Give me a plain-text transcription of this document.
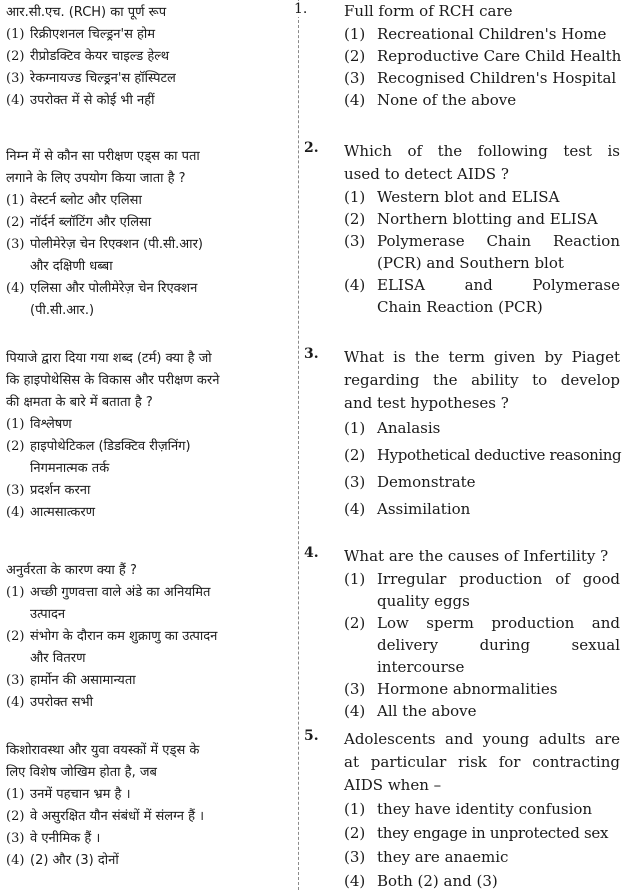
1.
आर.सी.एच. (RCH) का पूर्ण रूप
(1) रिक्रीएशनल चिल्ड्रन'स होम
(2) रीप्रोडक्टिव केयर चाइल्ड हेल्थ
(3) रेकग्नायज्ड चिल्ड्रन'स हॉस्पिटल
(4) उपरोक्त में से कोई भी नहीं
निम्न में से कौन सा परीक्षण एड्स का पता
लगाने के लिए उपयोग किया जाता है ?
(1) वेस्टर्न ब्लोट और एलिसा
(2) नॉर्दर्न ब्लॉटिंग और एलिसा
(3) पोलीमेरेज़ चेन रिएक्शन (पी.सी.आर)
और दक्षिणी धब्बा
(4) एलिसा और पोलीमेरेज़ चेन रिएक्शन
(पी.सी.आर.)
पियाजे द्वारा दिया गया शब्द (टर्म) क्या है जो
कि हाइपोथेसिस के विकास और परीक्षण करने
की क्षमता के बारे में बताता है ?
(1) विश्लेषण
(2) हाइपोथेटिकल (डिडक्टिव रीज़निंग)
निगमनात्मक तर्क
(3) प्रदर्शन करना
(4) आत्मसात्करण
अनुर्वरता के कारण क्या हैं ?
(1) अच्छी गुणवत्ता वाले अंडे का अनियमित
उत्पादन
(2) संभोग के दौरान कम शुक्राणु का उत्पादन
और वितरण
(3) हार्मोन की असामान्यता
(4) उपरोक्त सभी
किशोरावस्था और युवा वयस्कों में एड्स के
लिए विशेष जोखिम होता है, जब
(1) उनमें पहचान भ्रम है ।
(2) वे असुरक्षित यौन संबंधों में संलग्न हैं ।
(3) वे एनीमिक हैं ।
(4) (2) और (3) दोनों
Full form of RCH care
(1) Recreational Children's Home
(2) Reproductive Care Child Health
(3) Recognised Children's Hospital
(4) None of the above
2.	Which of the following test is
used to detect AIDS ?
(1) Western blot and ELISA
(2) Northern blotting and ELISA
(3) Polymerase Chain Reaction
(PCR) and Southern blot
(4) ELISA and Polymerase
Chain Reaction (PCR)
3.	What is the term given by Piaget
regarding the ability to develop
and test hypotheses ?
(1) Analasis
(2) Hypothetical deductive reasoning
(3) Demonstrate
(4) Assimilation
4.	What are the causes of Infertility ?
(1) Irregular production of good
quality eggs
(2) Low sperm production and
delivery during sexual
intercourse
(3) Hormone abnormalities
(4) All the above
5.	Adolescents and young adults are
at particular risk for contracting
AIDS when –
(1) they have identity confusion
(2) they engage in unprotected sex
(3) they are anaemic
(4) Both (2) and (3)
